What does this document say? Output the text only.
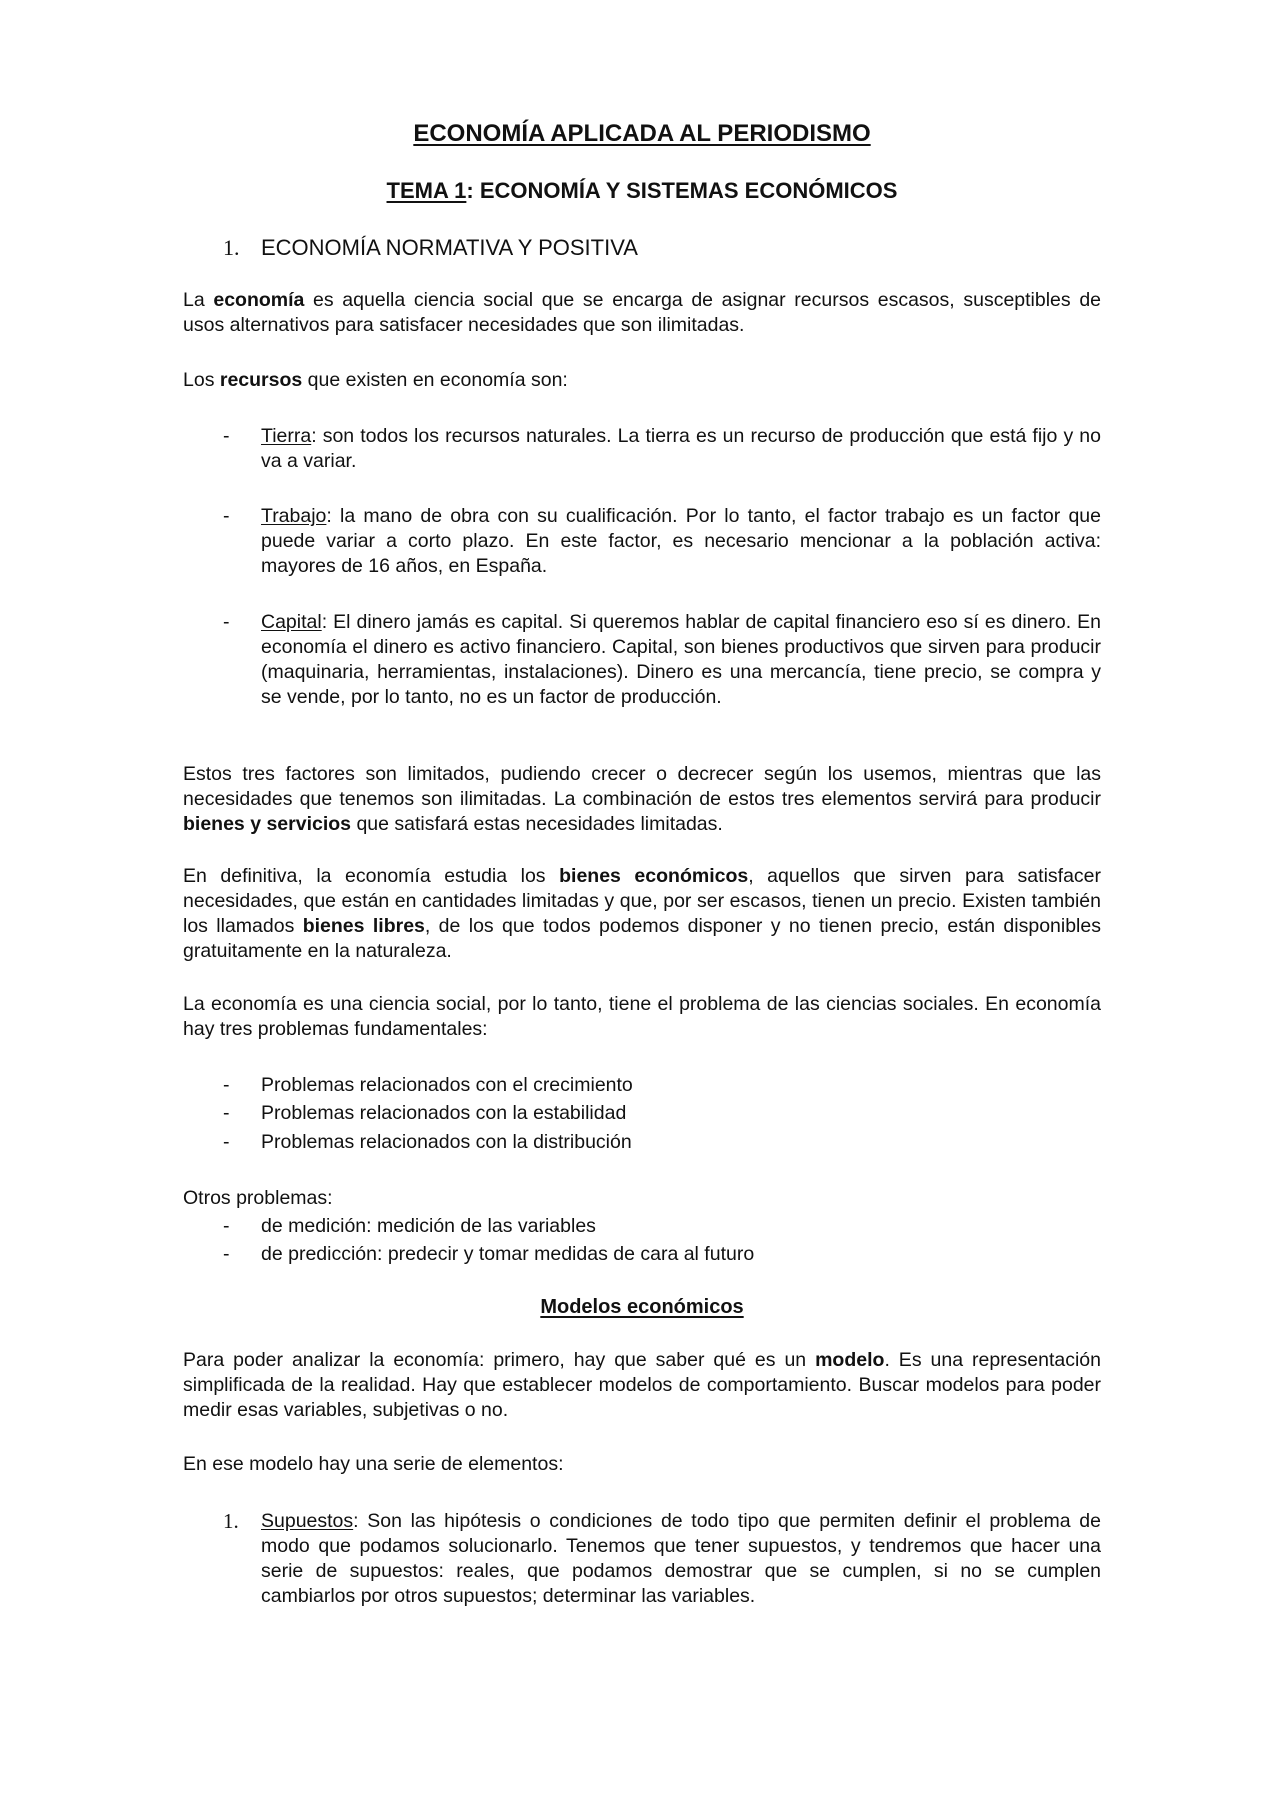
ECONOMÍA APLICADA AL PERIODISMO
TEMA 1: ECONOMÍA Y SISTEMAS ECONÓMICOS
1. ECONOMÍA NORMATIVA Y POSITIVA
La economía es aquella ciencia social que se encarga de asignar recursos escasos, susceptibles de usos alternativos para satisfacer necesidades que son ilimitadas.
Los recursos que existen en economía son:
-	Tierra: son todos los recursos naturales. La tierra es un recurso de producción que está fijo y no va a variar.
-	Trabajo: la mano de obra con su cualificación. Por lo tanto, el factor trabajo es un factor que puede variar a corto plazo. En este factor, es necesario mencionar a la población activa: mayores de 16 años, en España.
-	Capital: El dinero jamás es capital. Si queremos hablar de capital financiero eso sí es dinero. En economía el dinero es activo financiero. Capital, son bienes productivos que sirven para producir (maquinaria, herramientas, instalaciones). Dinero es una mercancía, tiene precio, se compra y se vende, por lo tanto, no es un factor de producción.
Estos tres factores son limitados, pudiendo crecer o decrecer según los usemos, mientras que las necesidades que tenemos son ilimitadas. La combinación de estos tres elementos servirá para producir bienes y servicios que satisfará estas necesidades limitadas.
En definitiva, la economía estudia los bienes económicos, aquellos que sirven para satisfacer necesidades, que están en cantidades limitadas y que, por ser escasos, tienen un precio. Existen también los llamados bienes libres, de los que todos podemos disponer y no tienen precio, están disponibles gratuitamente en la naturaleza.
La economía es una ciencia social, por lo tanto, tiene el problema de las ciencias sociales. En economía hay tres problemas fundamentales:
-	Problemas relacionados con el crecimiento
-	Problemas relacionados con la estabilidad
-	Problemas relacionados con la distribución
Otros problemas:
-	de medición: medición de las variables
-	de predicción: predecir y tomar medidas de cara al futuro
Modelos económicos
Para poder analizar la economía: primero, hay que saber qué es un modelo. Es una representación simplificada de la realidad. Hay que establecer modelos de comportamiento. Buscar modelos para poder medir esas variables, subjetivas o no.
En ese modelo hay una serie de elementos:
1. Supuestos: Son las hipótesis o condiciones de todo tipo que permiten definir el problema de modo que podamos solucionarlo. Tenemos que tener supuestos, y tendremos que hacer una serie de supuestos: reales, que podamos demostrar que se cumplen, si no se cumplen cambiarlos por otros supuestos; determinar las variables.
